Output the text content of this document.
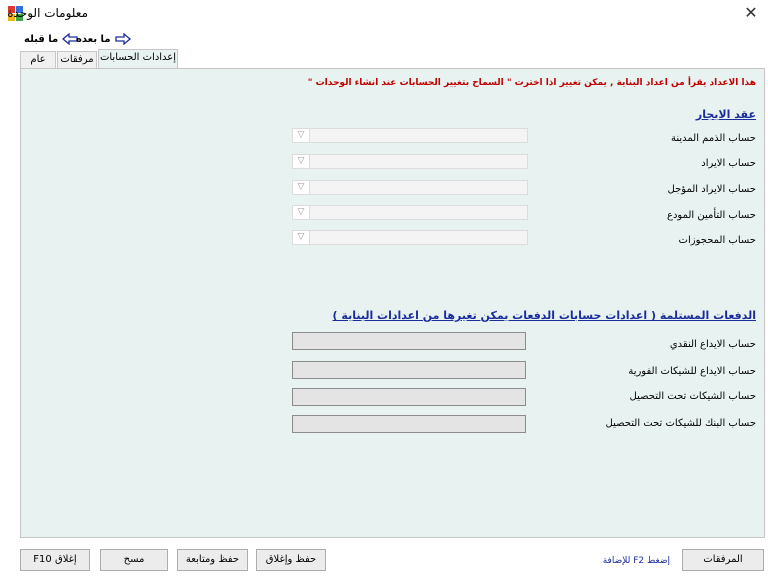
معلومات الوحدة	✕
ما قبله ما بعده
عام	مرفقات إعدادات الحسابات
هذا الاعداد يقرأ من اعداد البناية , يمكن تغيير اذا اخترت " السماح بتغيير الحسابات عند انشاء الوحدات "
عقد الايجار
حساب الذمم المدينة
▽
حساب الايراد
▽
حساب الايراد المؤجل
▽
حساب التأمين المودع
▽
حساب المحجوزات
▽
الدفعات المستلمة ( اعدادات حسابات الدفعات يمكن تغيرها من اعدادات البناية )
حساب الايداع النقدي
حساب الايداع للشيكات الفورية
حساب الشيكات تحت التحصيل
حساب البنك للشيكات تحت التحصيل
إغلاق F10	مسح	حفظ ومتابعة	حفظ وإغلاق	إضغط F2 للإضافة	المرفقات
